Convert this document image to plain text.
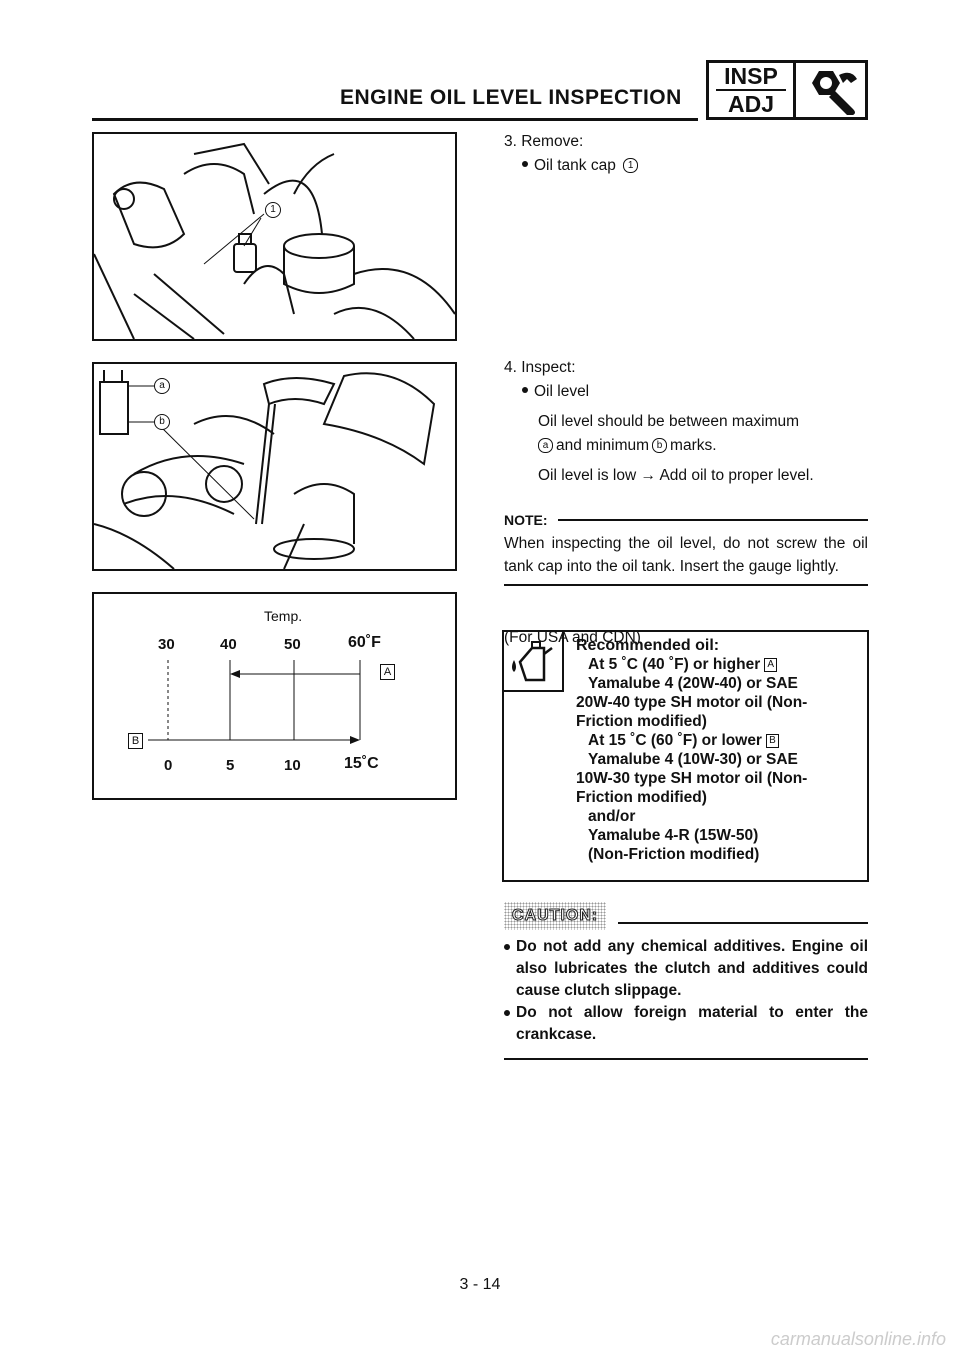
ENGINE OIL LEVEL INSPECTION
INSP
ADJ
1
a
b
Temp.
30	40	50	60˚F
0	5	10	15˚C
A
B
3. Remove:
Oil tank cap 1
4. Inspect:
Oil level
Oil level should be between maximum
a and minimum b marks.
Oil level is low → Add oil to proper level.
NOTE:
When inspecting the oil level, do not screw the oil tank cap into the oil tank. Insert the gauge lightly.
(For USA and CDN)
Recommended oil:
At 5 ˚C (40 ˚F) or higher A
Yamalube 4 (20W-40) or SAE
20W-40 type SH motor oil (Non-
Friction modified)
At 15 ˚C (60 ˚F) or lower B
Yamalube 4 (10W-30) or SAE
10W-30 type SH motor oil (Non-
Friction modified)
and/or
Yamalube 4-R (15W-50)
(Non-Friction modified)
CAUTION:
Do not add any chemical additives. Engine oil also lubricates the clutch and additives could cause clutch slippage.
Do not allow foreign material to enter the crankcase.
3 - 14
carmanualsonline.info
